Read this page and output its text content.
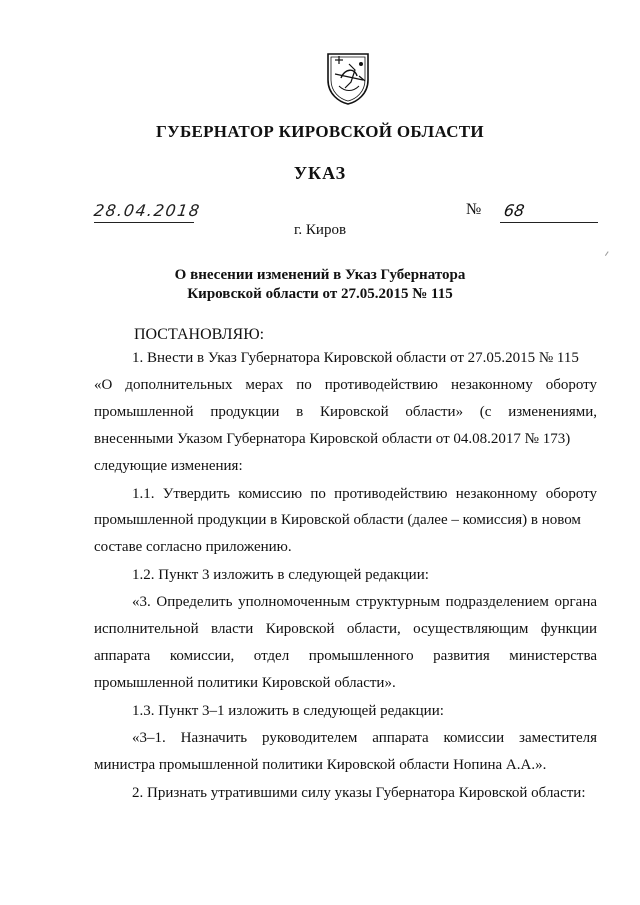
ГУБЕРНАТОР КИРОВСКОЙ ОБЛАСТИ
УКАЗ
28.04.2018	№ 68
г. Киров
О внесении изменений в Указ Губернатора
Кировской области от 27.05.2015 № 115
ПОСТАНОВЛЯЮ:
1. Внести в Указ Губернатора Кировской области от 27.05.2015 № 115
«О дополнительных мерах по противодействию незаконному обороту
промышленной продукции в Кировской области» (с изменениями,
внесенными Указом Губернатора Кировской области от 04.08.2017 № 173)
следующие изменения:
1.1. Утвердить комиссию по противодействию незаконному обороту
промышленной продукции в Кировской области (далее – комиссия) в новом
составе согласно приложению.
1.2. Пункт 3 изложить в следующей редакции:
«3. Определить уполномоченным структурным подразделением органа
исполнительной власти Кировской области, осуществляющим функции
аппарата комиссии, отдел промышленного развития министерства
промышленной политики Кировской области».
1.3. Пункт 3–1 изложить в следующей редакции:
«3–1. Назначить руководителем аппарата комиссии заместителя
министра промышленной политики Кировской области Нопина А.А.».
2. Признать утратившими силу указы Губернатора Кировской области:
